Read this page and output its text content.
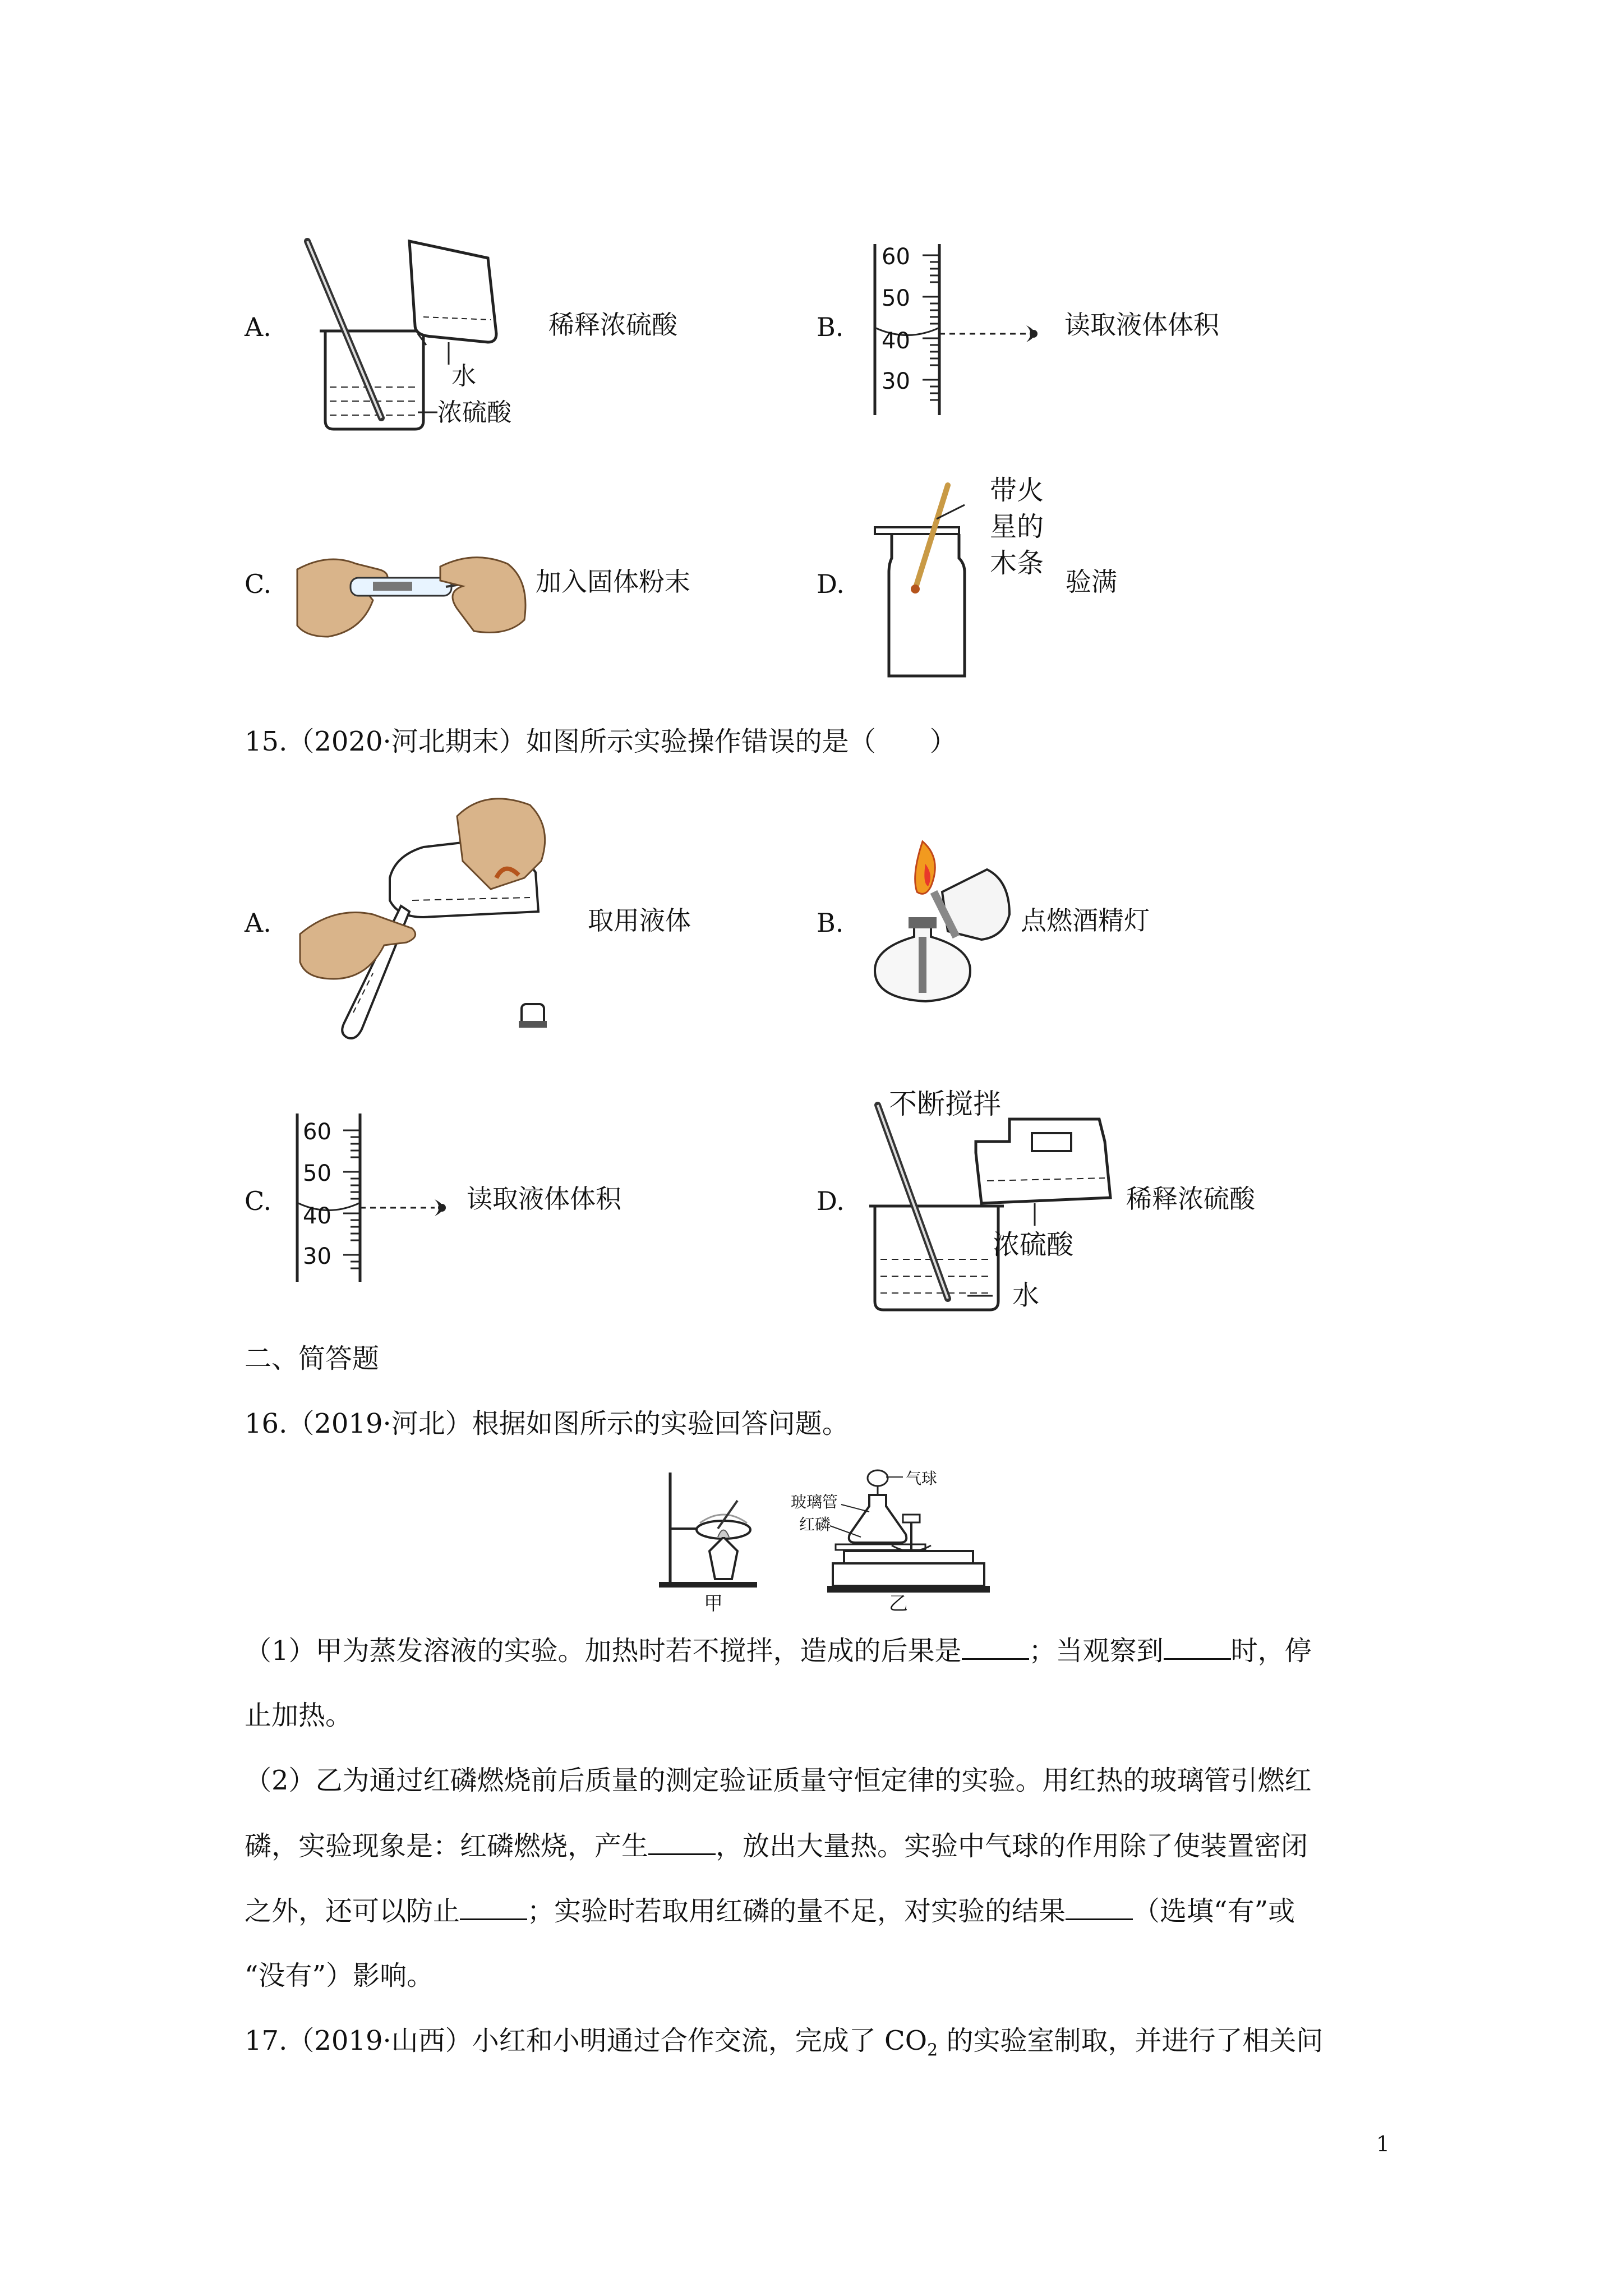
A.
水
浓硫酸
稀释浓硫酸	B.
60
50
40
30
读取液体体积
C.	加入固体粉末	D.
带火
星的
木条
验满
15.（2020·河北期末）如图所示实验操作错误的是（　　）
A.	取用液体	B.	点燃酒精灯
C.
60
50
40
30
读取液体体积	D.
不断搅拌
浓硫酸
水
稀释浓硫酸
二、简答题
16.（2019·河北）根据如图所示的实验回答问题。
甲
气球
玻璃管
红磷
乙
（1）甲为蒸发溶液的实验。加热时若不搅拌，造成的后果是	；当观察到	时，停
止加热。
（2）乙为通过红磷燃烧前后质量的测定验证质量守恒定律的实验。用红热的玻璃管引燃红
磷，实验现象是：红磷燃烧，产生	，放出大量热。实验中气球的作用除了使装置密闭
之外，还可以防止	；实验时若取用红磷的量不足，对实验的结果	（选填“有”或
“没有”）影响。
17.（2019·山西）小红和小明通过合作交流，完成了 $CO_2$ 的实验室制取，并进行了相关问
1
